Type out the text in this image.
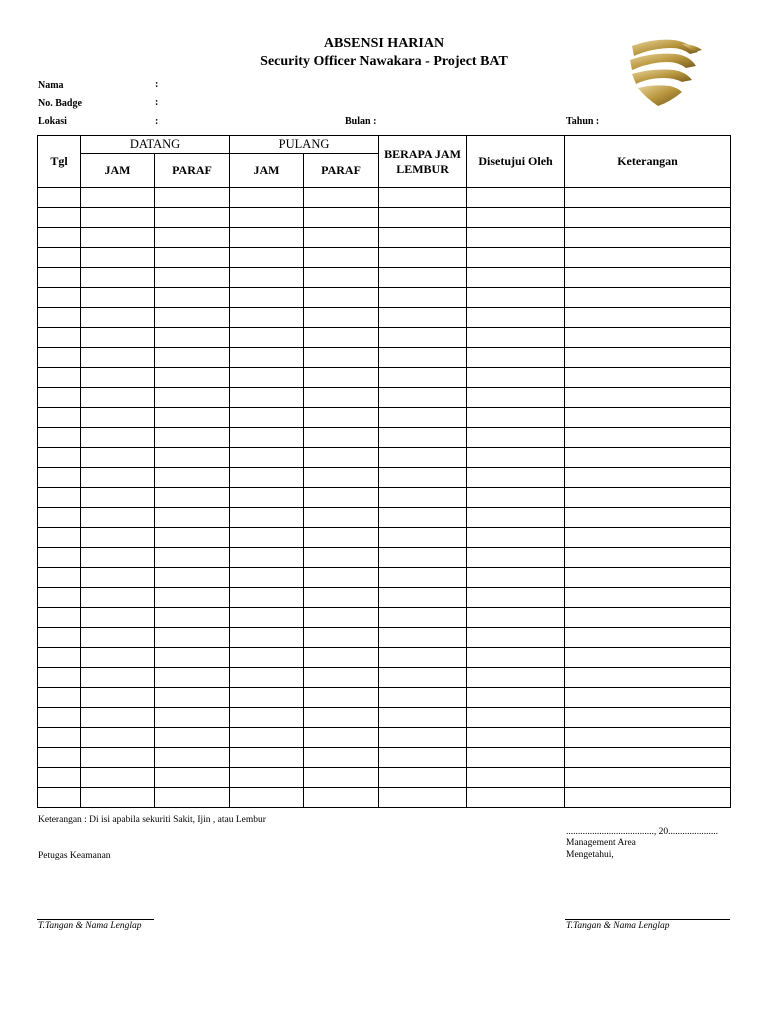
ABSENSI HARIAN
Security Officer Nawakara - Project BAT
Nama	:
No. Badge	:
Lokasi	:	Bulan :	Tahun :
Tgl	DATANG		PULANG		BERAPA JAM LEMBUR	Disetujui Oleh	Keterangan
	JAM	PARAF	JAM	PARAF			

Keterangan : Di isi apabila sekuriti Sakit, Ijin , atau Lembur
....................................., 20.....................
Management Area
Mengetahui,
Petugas Keamanan
T.Tangan & Nama Lenglap	T.Tangan & Nama Lenglap
